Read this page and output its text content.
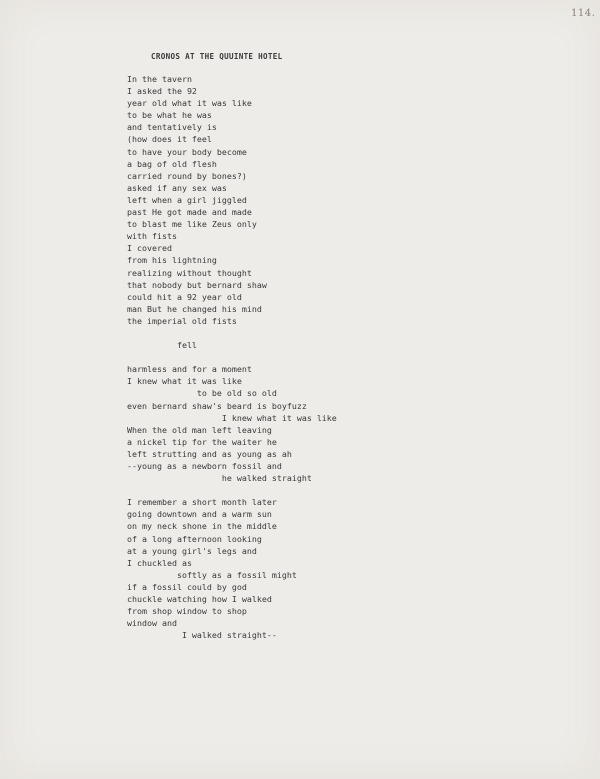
114.
CRONOS AT THE QUUINTE HOTEL
In the tavern
I asked the 92
year old what it was like
to be what he was
and tentatively is
(how does it feel
to have your body become
a bag of old flesh
carried round by bones?)
asked if any sex was
left when a girl jiggled
past He got made and made
to blast me like Zeus only
with fists
I covered
from his lightning
realizing without thought
that nobody but bernard shaw
could hit a 92 year old
man But he changed his mind
the imperial old fists
fell
harmless and for a moment
I knew what it was like
to be old so old
even bernard shaw's beard is boyfuzz
I knew what it was like
When the old man left leaving
a nickel tip for the waiter he
left strutting and as young as ah
--young as a newborn fossil and
he walked straight
I remember a short month later
going downtown and a warm sun
on my neck shone in the middle
of a long afternoon looking
at a young girl's legs and
I chuckled as
softly as a fossil might
if a fossil could by god
chuckle watching how I walked
from shop window to shop
window and
I walked straight--
